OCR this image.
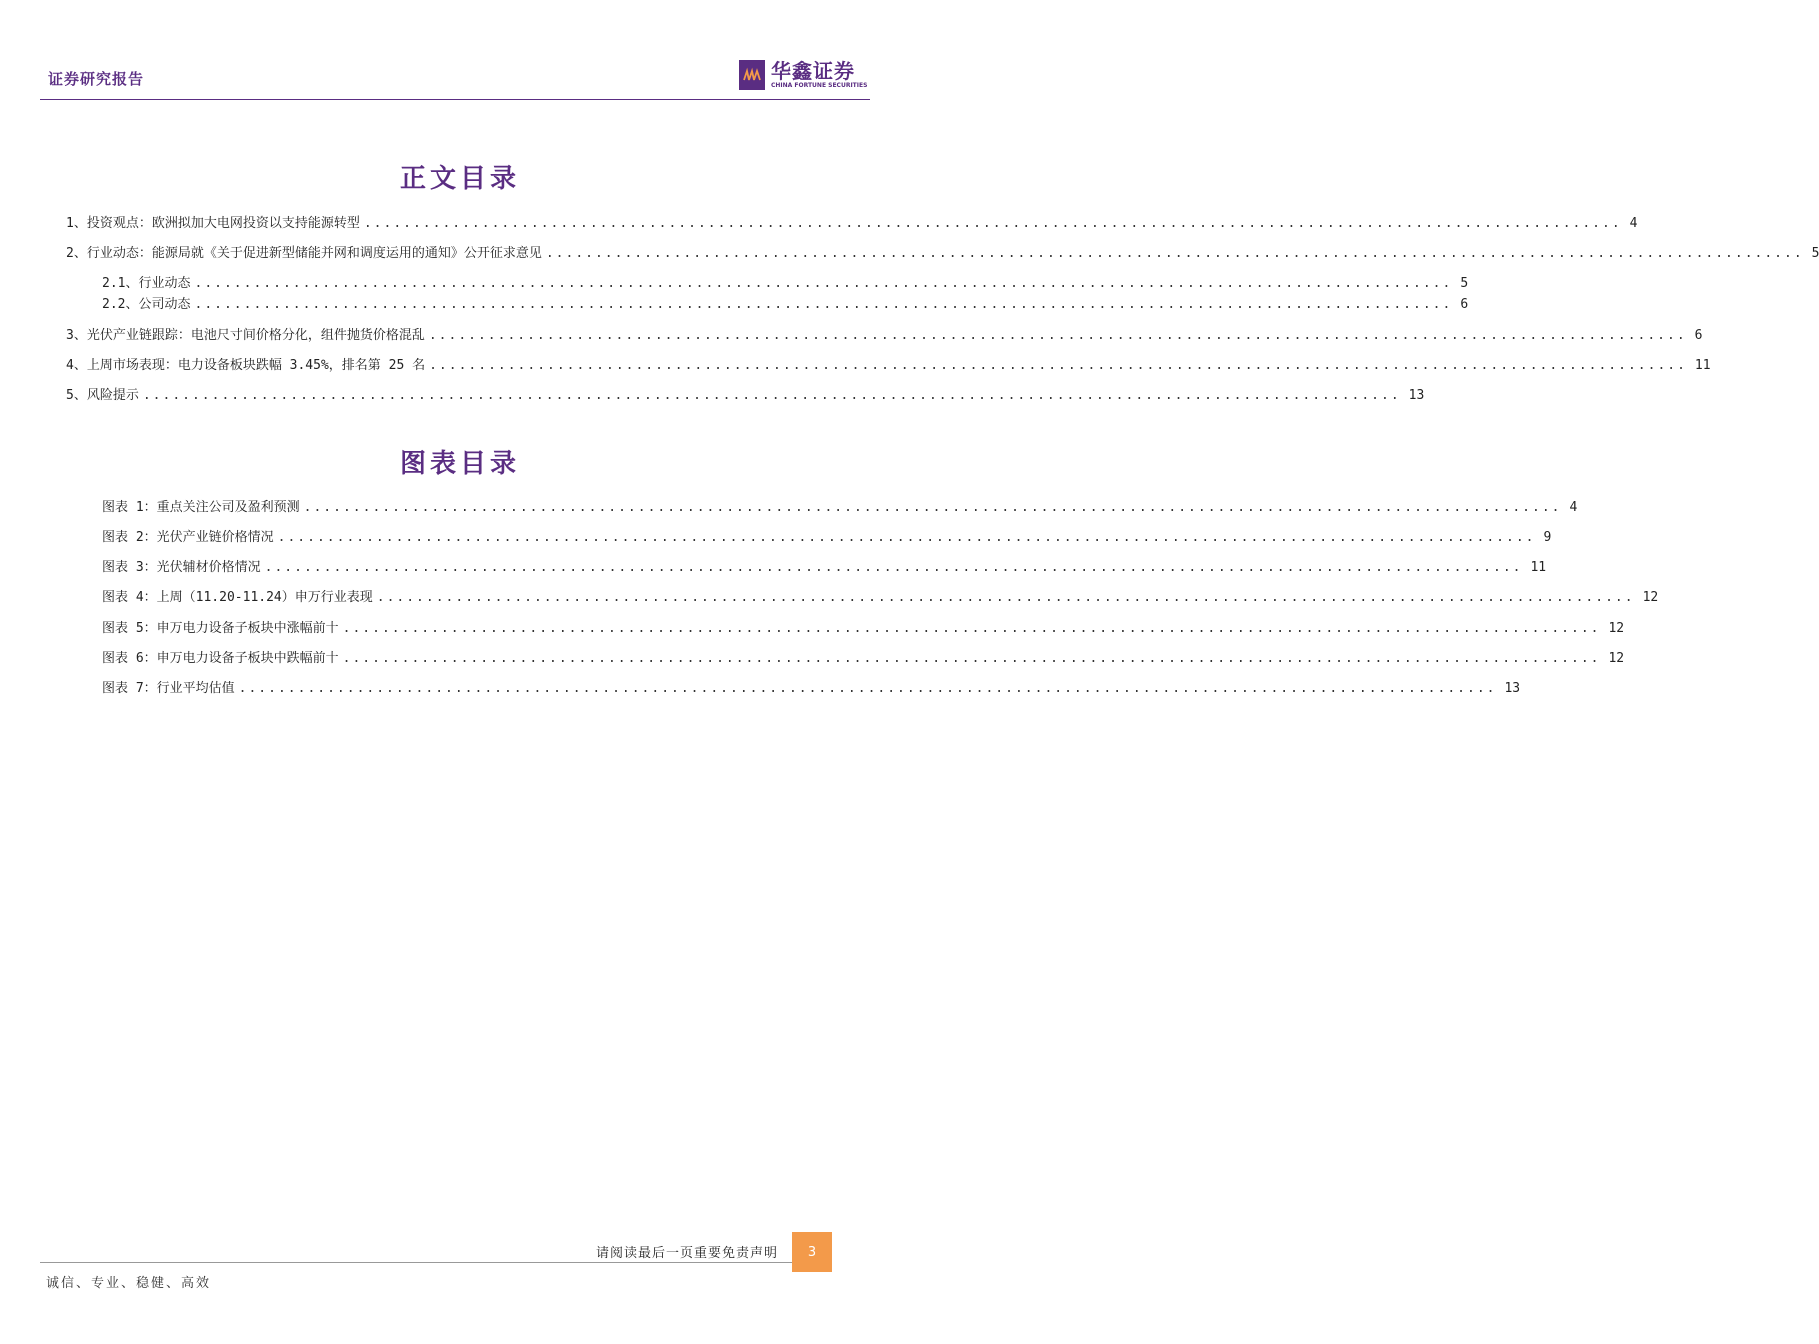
证券研究报告	华鑫证券
CHINA FORTUNE SECURITIES
正文目录
1、 投资观点：欧洲拟加大电网投资以支持能源转型 ................................................................................................................................ 4
2、 行业动态：能源局就《关于促进新型储能并网和调度运用的通知》公开征求意见 ................................................................................................................................ 5
2.1、 行业动态 ................................................................................................................................ 5
2.2、 公司动态 ................................................................................................................................ 6
3、 光伏产业链跟踪：电池尺寸间价格分化，组件抛货价格混乱 ................................................................................................................................ 6
4、 上周市场表现：电力设备板块跌幅 3.45%，排名第 25 名 ................................................................................................................................ 11
5、 风险提示 ................................................................................................................................ 13
图表目录
图表 1：重点关注公司及盈利预测 ................................................................................................................................ 4
图表 2：光伏产业链价格情况 ................................................................................................................................ 9
图表 3：光伏辅材价格情况 ................................................................................................................................ 11
图表 4：上周（11.20-11.24）申万行业表现 ................................................................................................................................ 12
图表 5：申万电力设备子板块中涨幅前十 ................................................................................................................................ 12
图表 6：申万电力设备子板块中跌幅前十 ................................................................................................................................ 12
图表 7：行业平均估值 ................................................................................................................................ 13
请阅读最后一页重要免责声明	3
诚信、专业、稳健、高效
